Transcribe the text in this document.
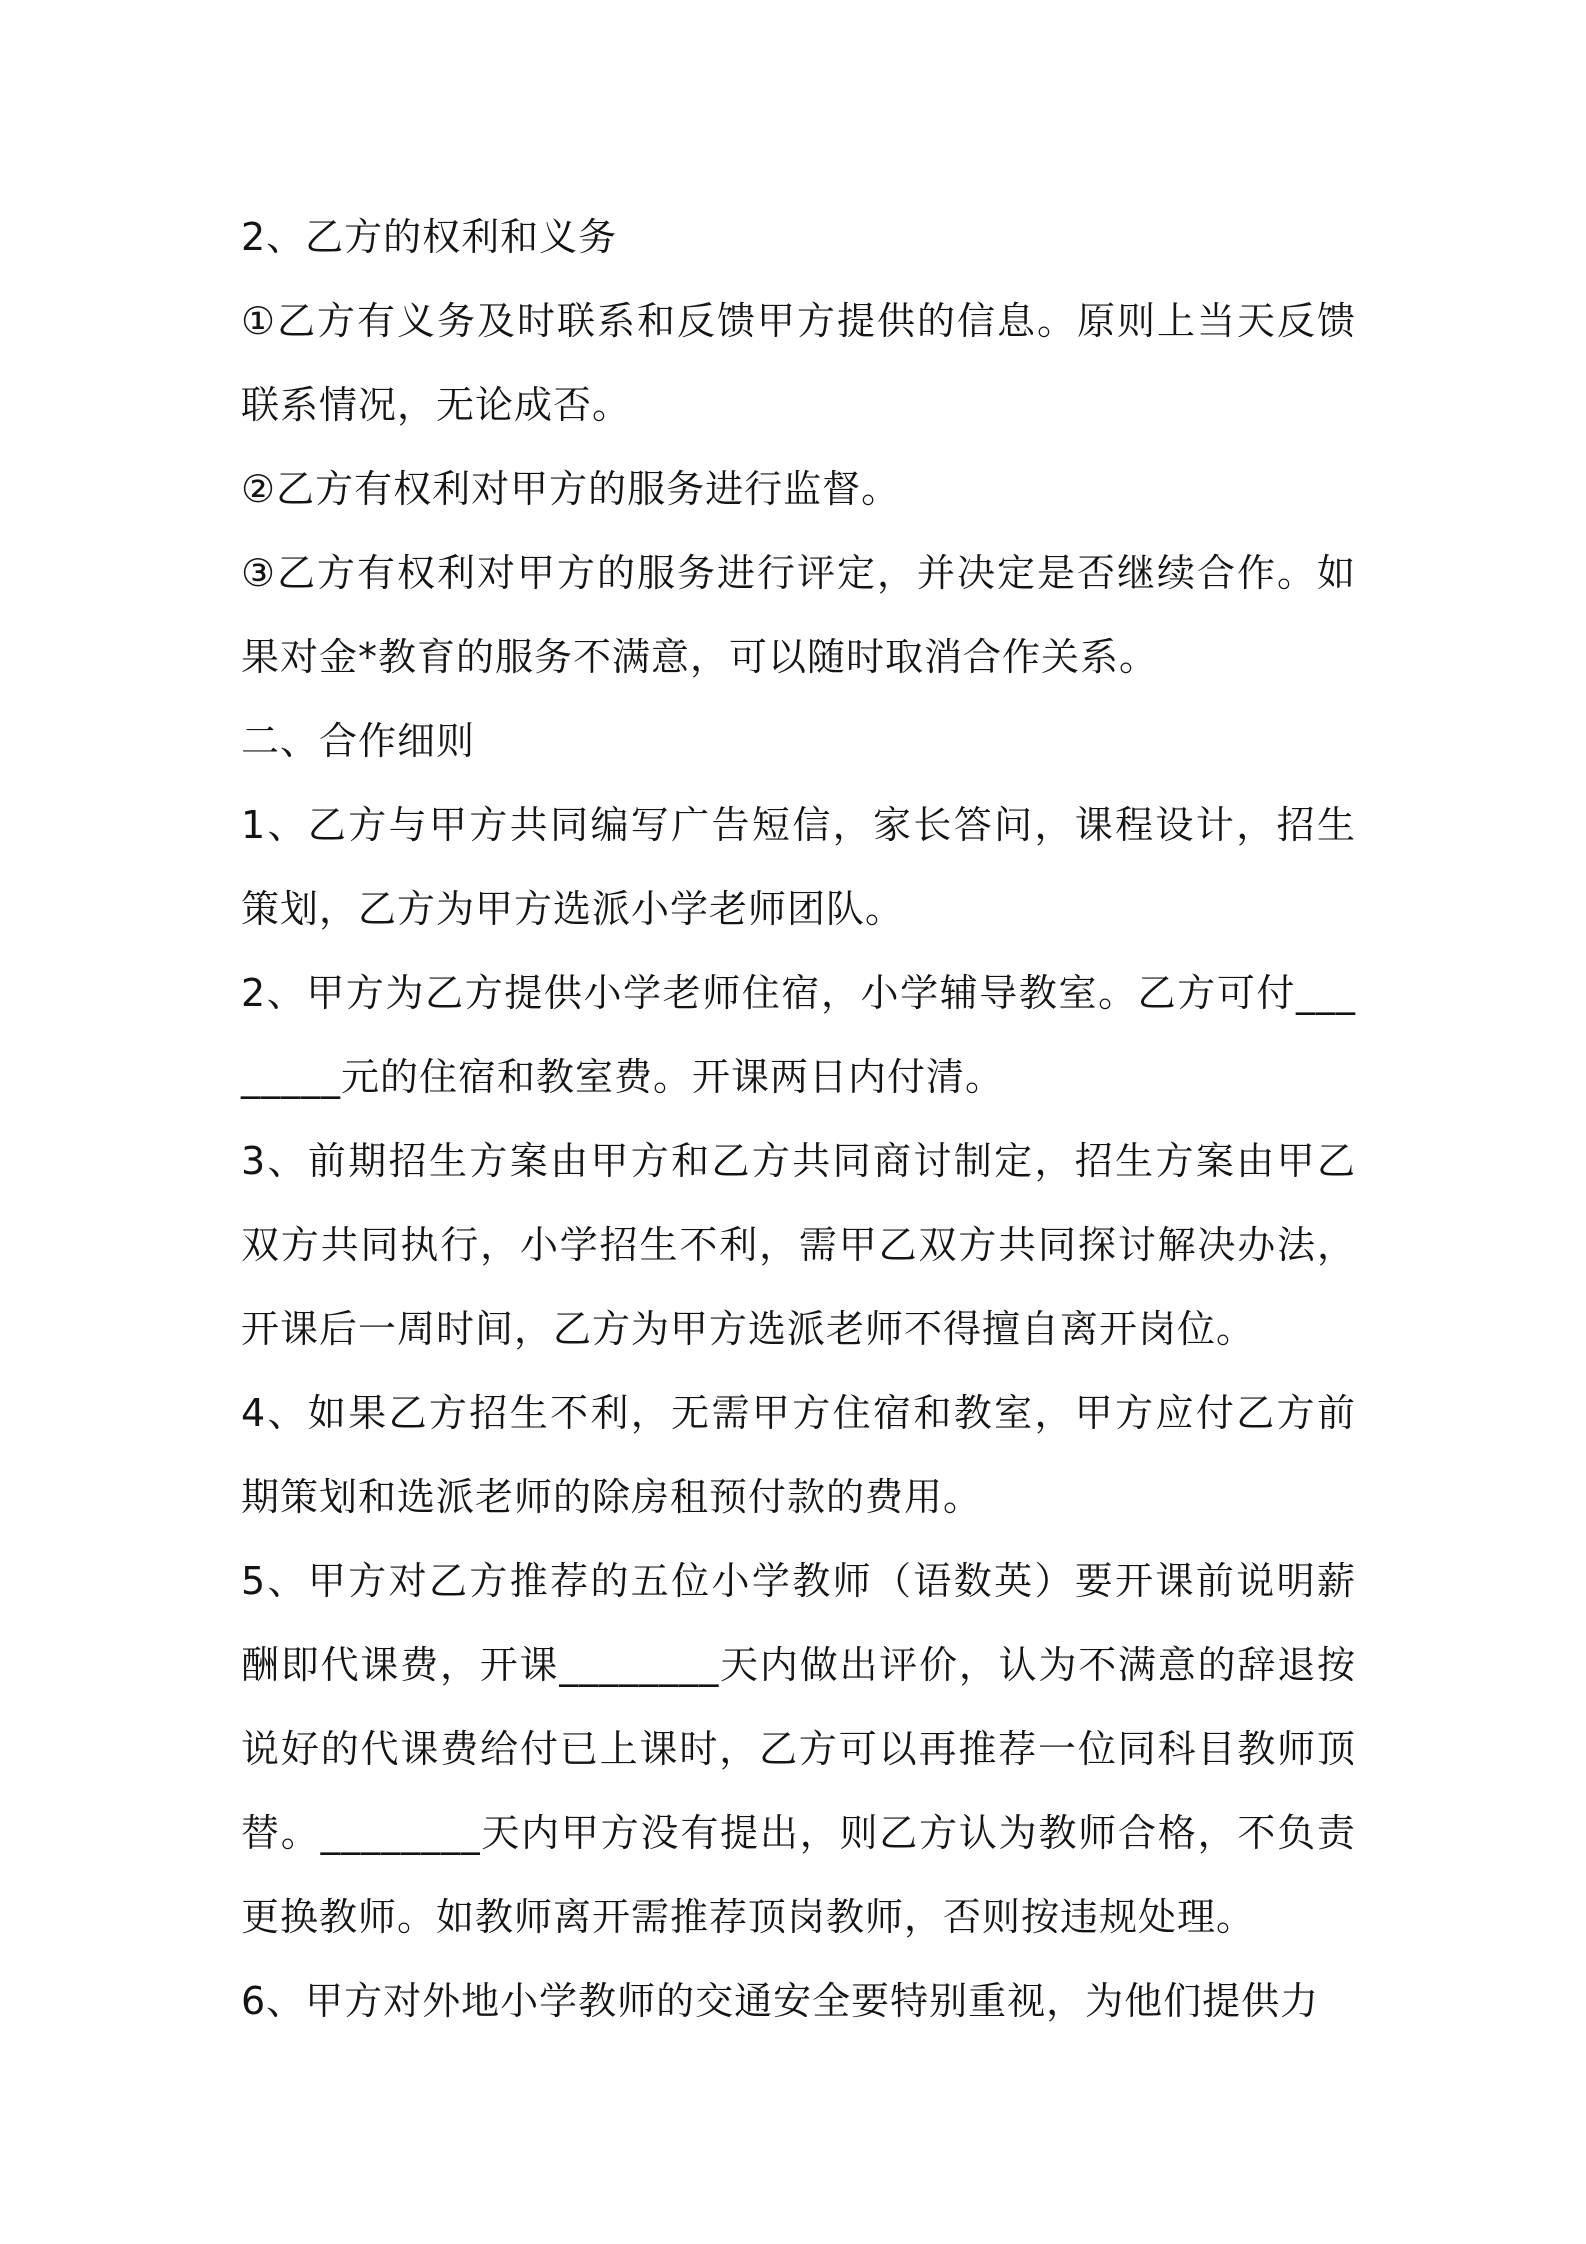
2、乙方的权利和义务

①乙方有义务及时联系和反馈甲方提供的信息。原则上当天反馈联系情况，无论成否。

②乙方有权利对甲方的服务进行监督。

③乙方有权利对甲方的服务进行评定，并决定是否继续合作。如果对金*教育的服务不满意，可以随时取消合作关系。

二、合作细则

1、乙方与甲方共同编写广告短信，家长答问，课程设计，招生策划，乙方为甲方选派小学老师团队。

2、甲方为乙方提供小学老师住宿，小学辅导教室。乙方可付________元的住宿和教室费。开课两日内付清。

3、前期招生方案由甲方和乙方共同商讨制定，招生方案由甲乙双方共同执行，小学招生不利，需甲乙双方共同探讨解决办法，开课后一周时间，乙方为甲方选派老师不得擅自离开岗位。

4、如果乙方招生不利，无需甲方住宿和教室，甲方应付乙方前期策划和选派老师的除房租预付款的费用。

5、甲方对乙方推荐的五位小学教师（语数英）要开课前说明薪酬即代课费，开课________天内做出评价，认为不满意的辞退按说好的代课费给付已上课时，乙方可以再推荐一位同科目教师顶替。________天内甲方没有提出，则乙方认为教师合格，不负责更换教师。如教师离开需推荐顶岗教师，否则按违规处理。

6、甲方对外地小学教师的交通安全要特别重视，为他们提供力
